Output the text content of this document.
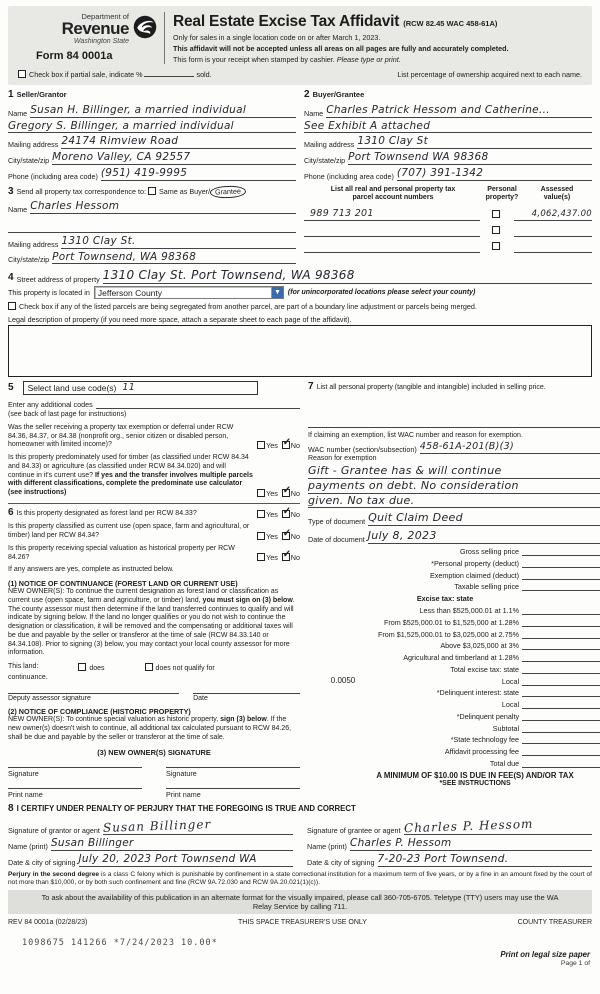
Department of
Revenue
Washington State
Form 84 0001a
Real Estate Excise Tax Affidavit (RCW 82.45 WAC 458-61A)
Only for sales in a single location code on or after March 1, 2023.
This affidavit will not be accepted unless all areas on all pages are fully and accurately completed.
This form is your receipt when stamped by cashier. Please type or print.
Check box if partial sale, indicate %	sold.	List percentage of ownership acquired next to each name.
1 Seller/Grantor
Name Susan H. Billinger, a married individual
Gregory S. Billinger, a married individual
Mailing address 24174 Rimview Road
City/state/zip Moreno Valley, CA 92557
Phone (including area code) (951) 419-9995
2 Buyer/Grantee
Name Charles Patrick Hessom and Catherine...
See Exhibit A attached
Mailing address 1310 Clay St
City/state/zip Port Townsend WA 98368
Phone (including area code) (707) 391-1342
3 Send all property tax correspondence to: Same as Buyer/ Grantee
Name Charles Hessom
Mailing address 1310 Clay St.
City/state/zip Port Townsend, WA 98368
List all real and personal property tax
parcel account numbers
Personal
property?
Assessed
value(s)
989 713 201	4,062,437.00
4 Street address of property 1310 Clay St. Port Townsend, WA 98368
This property is located in Jefferson County	▼ (for unincorporated locations please select your county)
Check box if any of the listed parcels are being segregated from another parcel, are part of a boundary line adjustment or parcels being merged.
Legal description of property (if you need more space, attach a separate sheet to each page of the affidavit).
5 Select land use code(s) 11
Enter any additional codes
(see back of last page for instructions)
Was the seller receiving a property tax exemption or deferral under RCW 84.36, 84.37, or 84.38 (nonprofit org., senior citizen or disabled person, homeowner with limited income)?	Yes ✓ No
Is this property predominately used for timber (as classified under RCW 84.34 and 84.33) or agriculture (as classified under RCW 84.34.020) and will continue in it's current use? If yes and the transfer involves multiple parcels with different classifications, complete the predominate use calculator (see instructions)	Yes ✓ No
6 Is this property designated as forest land per RCW 84.33?	Yes ✓ No
Is this property classified as current use (open space, farm and agricultural, or timber) land per RCW 84.34?	Yes ✓ No
Is this property receiving special valuation as historical property per RCW 84.26?	Yes ✓ No
If any answers are yes, complete as instructed below.
(1) NOTICE OF CONTINUANCE (FOREST LAND OR CURRENT USE)
NEW OWNER(S): To continue the current designation as forest land or classification as current use (open space, farm and agriculture, or timber) land, you must sign on (3) below. The county assessor must then determine if the land transferred continues to qualify and will indicate by signing below. If the land no longer qualifies or you do not wish to continue the designation or classification, it will be removed and the compensating or additional taxes will be due and payable by the seller or transferor at the time of sale (RCW 84.33.140 or 84.34.108). Prior to signing (3) below, you may contact your local county assessor for more information.
This land:	does	does not qualify for
continuance.
Deputy assessor signature	Date
(2) NOTICE OF COMPLIANCE (HISTORIC PROPERTY)
NEW OWNER(S): To continue special valuation as historic property, sign (3) below. If the new owner(s) doesn't wish to continue, all additional tax calculated pursuant to RCW 84.26, shall be due and payable by the seller or transferor at the time of sale.
(3) NEW OWNER(S) SIGNATURE
Signature	Signature
Print name	Print name
7 List all personal property (tangible and intangible) included in selling price.
If claiming an exemption, list WAC number and reason for exemption.
WAC number (section/subsection) 458-61A-201(B)(3)
Reason for exemption
Gift - Grantee has & will continue
payments on debt. No consideration
given. No tax due.
Type of document Quit Claim Deed
Date of document July 8, 2023
Gross selling price
*Personal property (deduct)
Exemption claimed (deduct)
Taxable selling price
Excise tax: state
Less than $525,000.01 at 1.1%
From $525,000.01 to $1,525,000 at 1.28%
From $1,525,000.01 to $3,025,000 at 2.75%
Above $3,025,000 at 3%
Agricultural and timberland at 1.28%
Total excise tax: state
0.0050	Local
*Delinquent interest: state
Local
*Delinquent penalty
Subtotal
*State technology fee
Affidavit processing fee
Total due
A MINIMUM OF $10.00 IS DUE IN FEE(S) AND/OR TAX
*SEE INSTRUCTIONS
8 I CERTIFY UNDER PENALTY OF PERJURY THAT THE FOREGOING IS TRUE AND CORRECT
Signature of grantor or agent Susan Billinger
Name (print) Susan Billinger
Date & city of signing July 20, 2023 Port Townsend WA
Signature of grantee or agent Charles P. Hessom
Name (print) Charles P. Hessom
Date & city of signing 7-20-23 Port Townsend.
Perjury in the second degree is a class C felony which is punishable by confinement in a state correctional institution for a maximum term of five years, or by a fine in an amount fixed by the court of not more than $10,000, or by both such confinement and fine (RCW 9A.72.030 and RCW 9A.20.021(1)(c)).
To ask about the availability of this publication in an alternate format for the visually impaired, please call 360-705-6705. Teletype (TTY) users may use the WA Relay Service by calling 711.
REV 84 0001a (02/28/23)	THIS SPACE TREASURER'S USE ONLY	COUNTY TREASURER
1098675 141266 *7/24/2023 10.00*
Print on legal size paper
Page 1 of
